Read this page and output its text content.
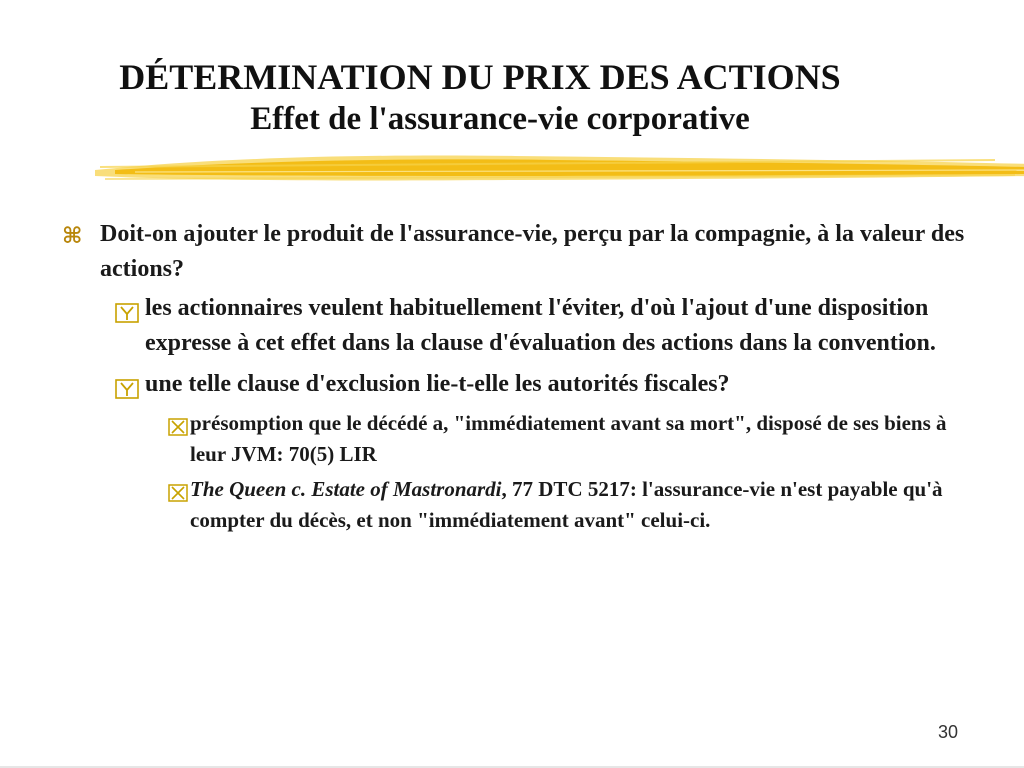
DÉTERMINATION DU PRIX DES ACTIONS
Effet de l'assurance-vie corporative
⌘ Doit-on ajouter le produit de l'assurance-vie, perçu par la compagnie, à la valeur des actions?
les actionnaires veulent habituellement l'éviter, d'où l'ajout d'une disposition expresse à cet effet dans la clause d'évaluation des actions dans la convention.
une telle clause d'exclusion lie-t-elle les autorités fiscales?
présomption que le décédé a, "immédiatement avant sa mort", disposé de ses biens à leur JVM: 70(5) LIR
The Queen c. Estate of Mastronardi, 77 DTC 5217: l'assurance-vie n'est payable qu'à compter du décès, et non "immédiatement avant" celui-ci.
30
